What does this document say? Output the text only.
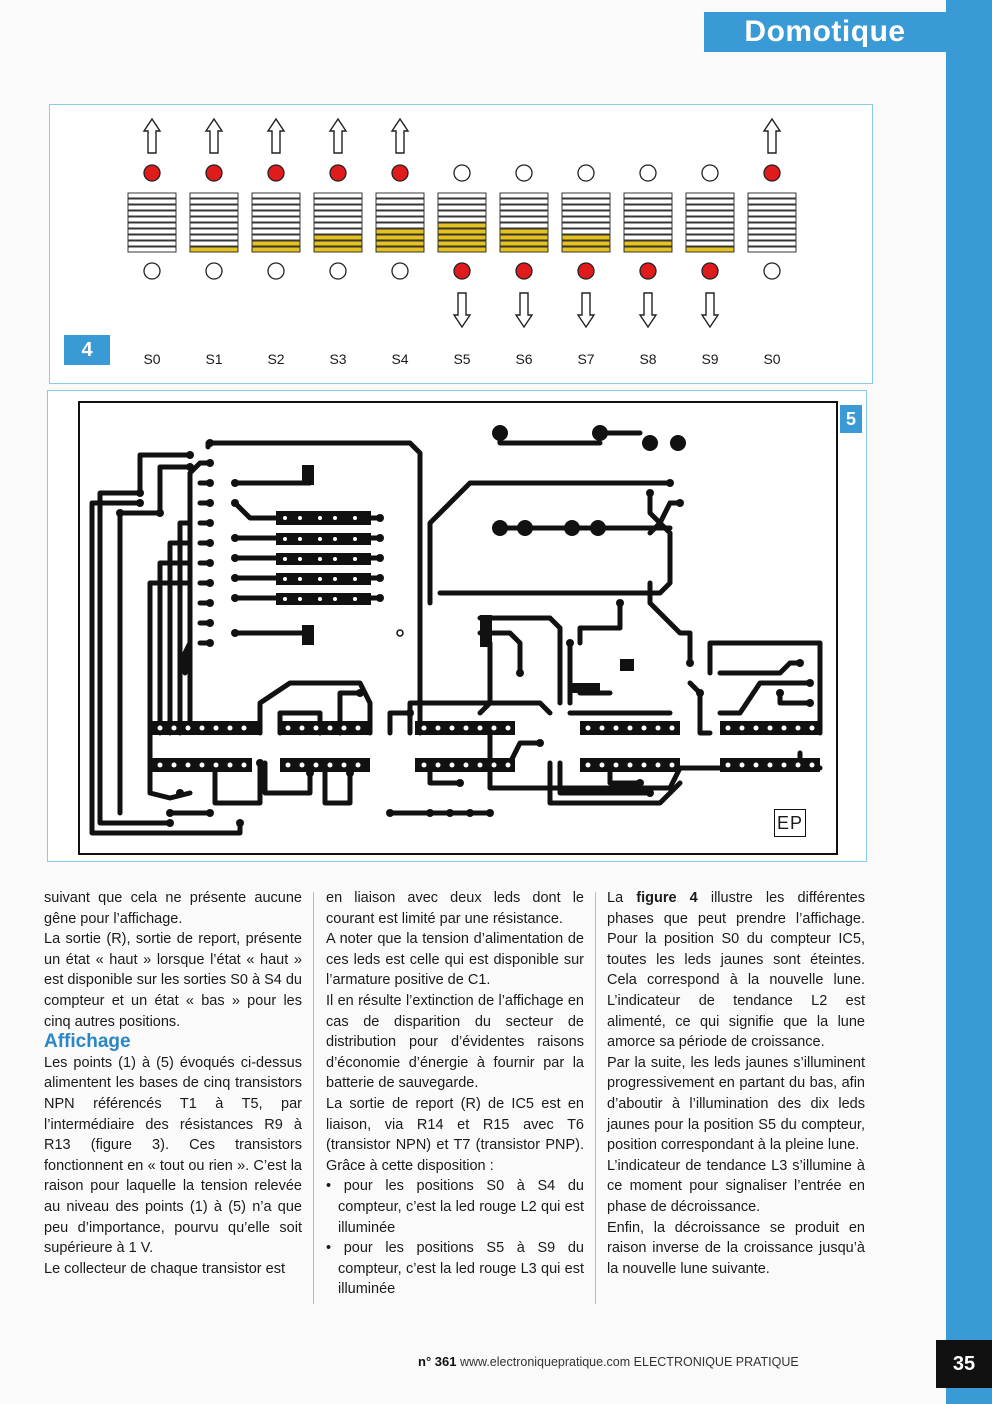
Domotique
S0	S1	S2	S3	S4	S5	S6	S7	S8	S9	S0
4
5
EP

suivant que cela ne présente aucune gêne pour l’affichage.

La sortie (R), sortie de report, présente un état « haut » lorsque l’état « haut » est disponible sur les sorties S0 à S4 du compteur et un état « bas » pour les cinq autres positions.

Affichage

Les points (1) à (5) évoqués ci-dessus alimentent les bases de cinq transistors NPN référencés T1 à T5, par l’intermédiaire des résistances R9 à R13 (figure 3). Ces transistors fonctionnent en « tout ou rien ». C’est la raison pour laquelle la tension relevée au niveau des points (1) à (5) n’a que peu d’importance, pourvu qu’elle soit supérieure à 1 V.

Le collecteur de chaque transistor est

en liaison avec deux leds dont le courant est limité par une résistance.

A noter que la tension d’alimentation de ces leds est celle qui est disponible sur l’armature positive de C1.

Il en résulte l’extinction de l’affichage en cas de disparition du secteur de distribution pour d’évidentes raisons d’économie d’énergie à fournir par la batterie de sauvegarde.

La sortie de report (R) de IC5 est en liaison, via R14 et R15 avec T6 (transistor NPN) et T7 (transistor PNP). Grâce à cette disposition :

• pour les positions S0 à S4 du compteur, c’est la led rouge L2 qui est illuminée

• pour les positions S5 à S9 du compteur, c’est la led rouge L3 qui est illuminée

La figure 4 illustre les différentes phases que peut prendre l’affichage. Pour la position S0 du compteur IC5, toutes les leds jaunes sont éteintes. Cela correspond à la nouvelle lune. L’indicateur de tendance L2 est alimenté, ce qui signifie que la lune amorce sa période de croissance.

Par la suite, les leds jaunes s’illuminent progressivement en partant du bas, afin d’aboutir à l’illumination des dix leds jaunes pour la position S5 du compteur, position correspondant à la pleine lune.

L’indicateur de tendance L3 s’illumine à ce moment pour signaliser l’entrée en phase de décroissance.

Enfin, la décroissance se produit en raison inverse de la croissance jusqu’à la nouvelle lune suivante.

n° 361 www.electroniquepratique.com ELECTRONIQUE PRATIQUE	35
